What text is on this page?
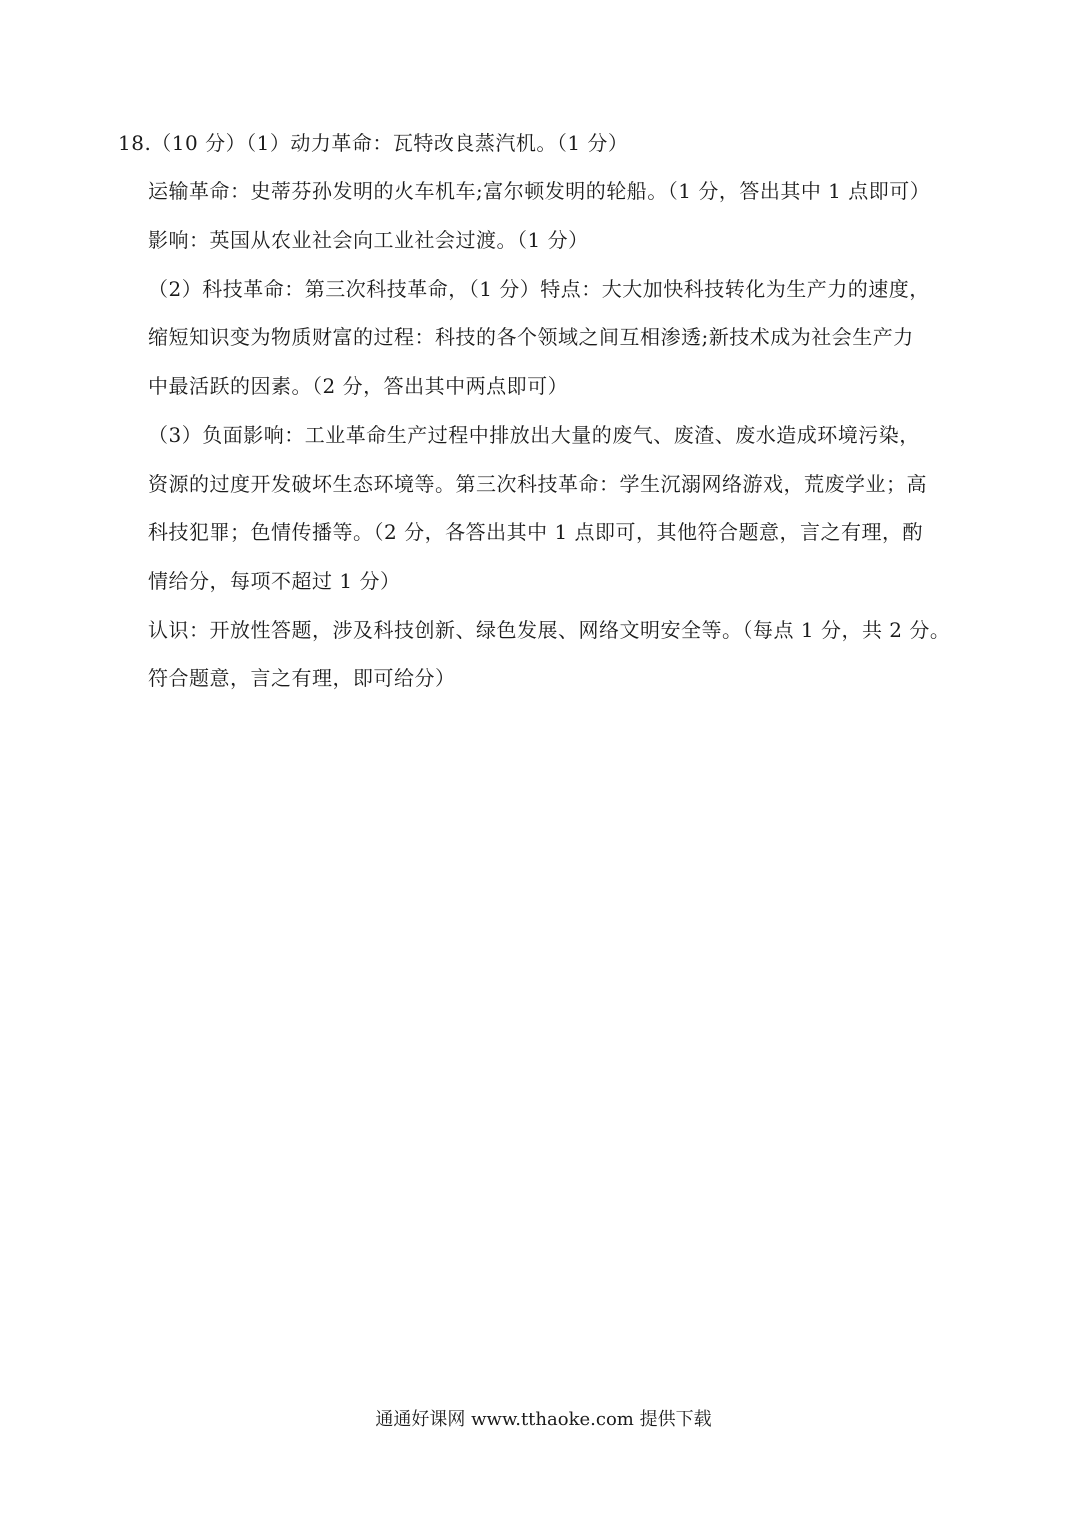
18.（10 分）（1）动力革命：瓦特改良蒸汽机。（1 分）
运输革命：史蒂芬孙发明的火车机车;富尔顿发明的轮船。（1 分，答出其中 1 点即可）
影响：英国从农业社会向工业社会过渡。（1 分）
（2）科技革命：第三次科技革命，（1 分）特点：大大加快科技转化为生产力的速度，
缩短知识变为物质财富的过程：科技的各个领域之间互相渗透;新技术成为社会生产力
中最活跃的因素。（2 分，答出其中两点即可）
（3）负面影响：工业革命生产过程中排放出大量的废气、废渣、废水造成环境污染，
资源的过度开发破坏生态环境等。第三次科技革命：学生沉溺网络游戏，荒废学业；高
科技犯罪；色情传播等。（2 分，各答出其中 1 点即可，其他符合题意，言之有理，酌
情给分，每项不超过 1 分）
认识：开放性答题，涉及科技创新、绿色发展、网络文明安全等。（每点 1 分，共 2 分。
符合题意，言之有理，即可给分）
通通好课网 www.tthaoke.com 提供下载
